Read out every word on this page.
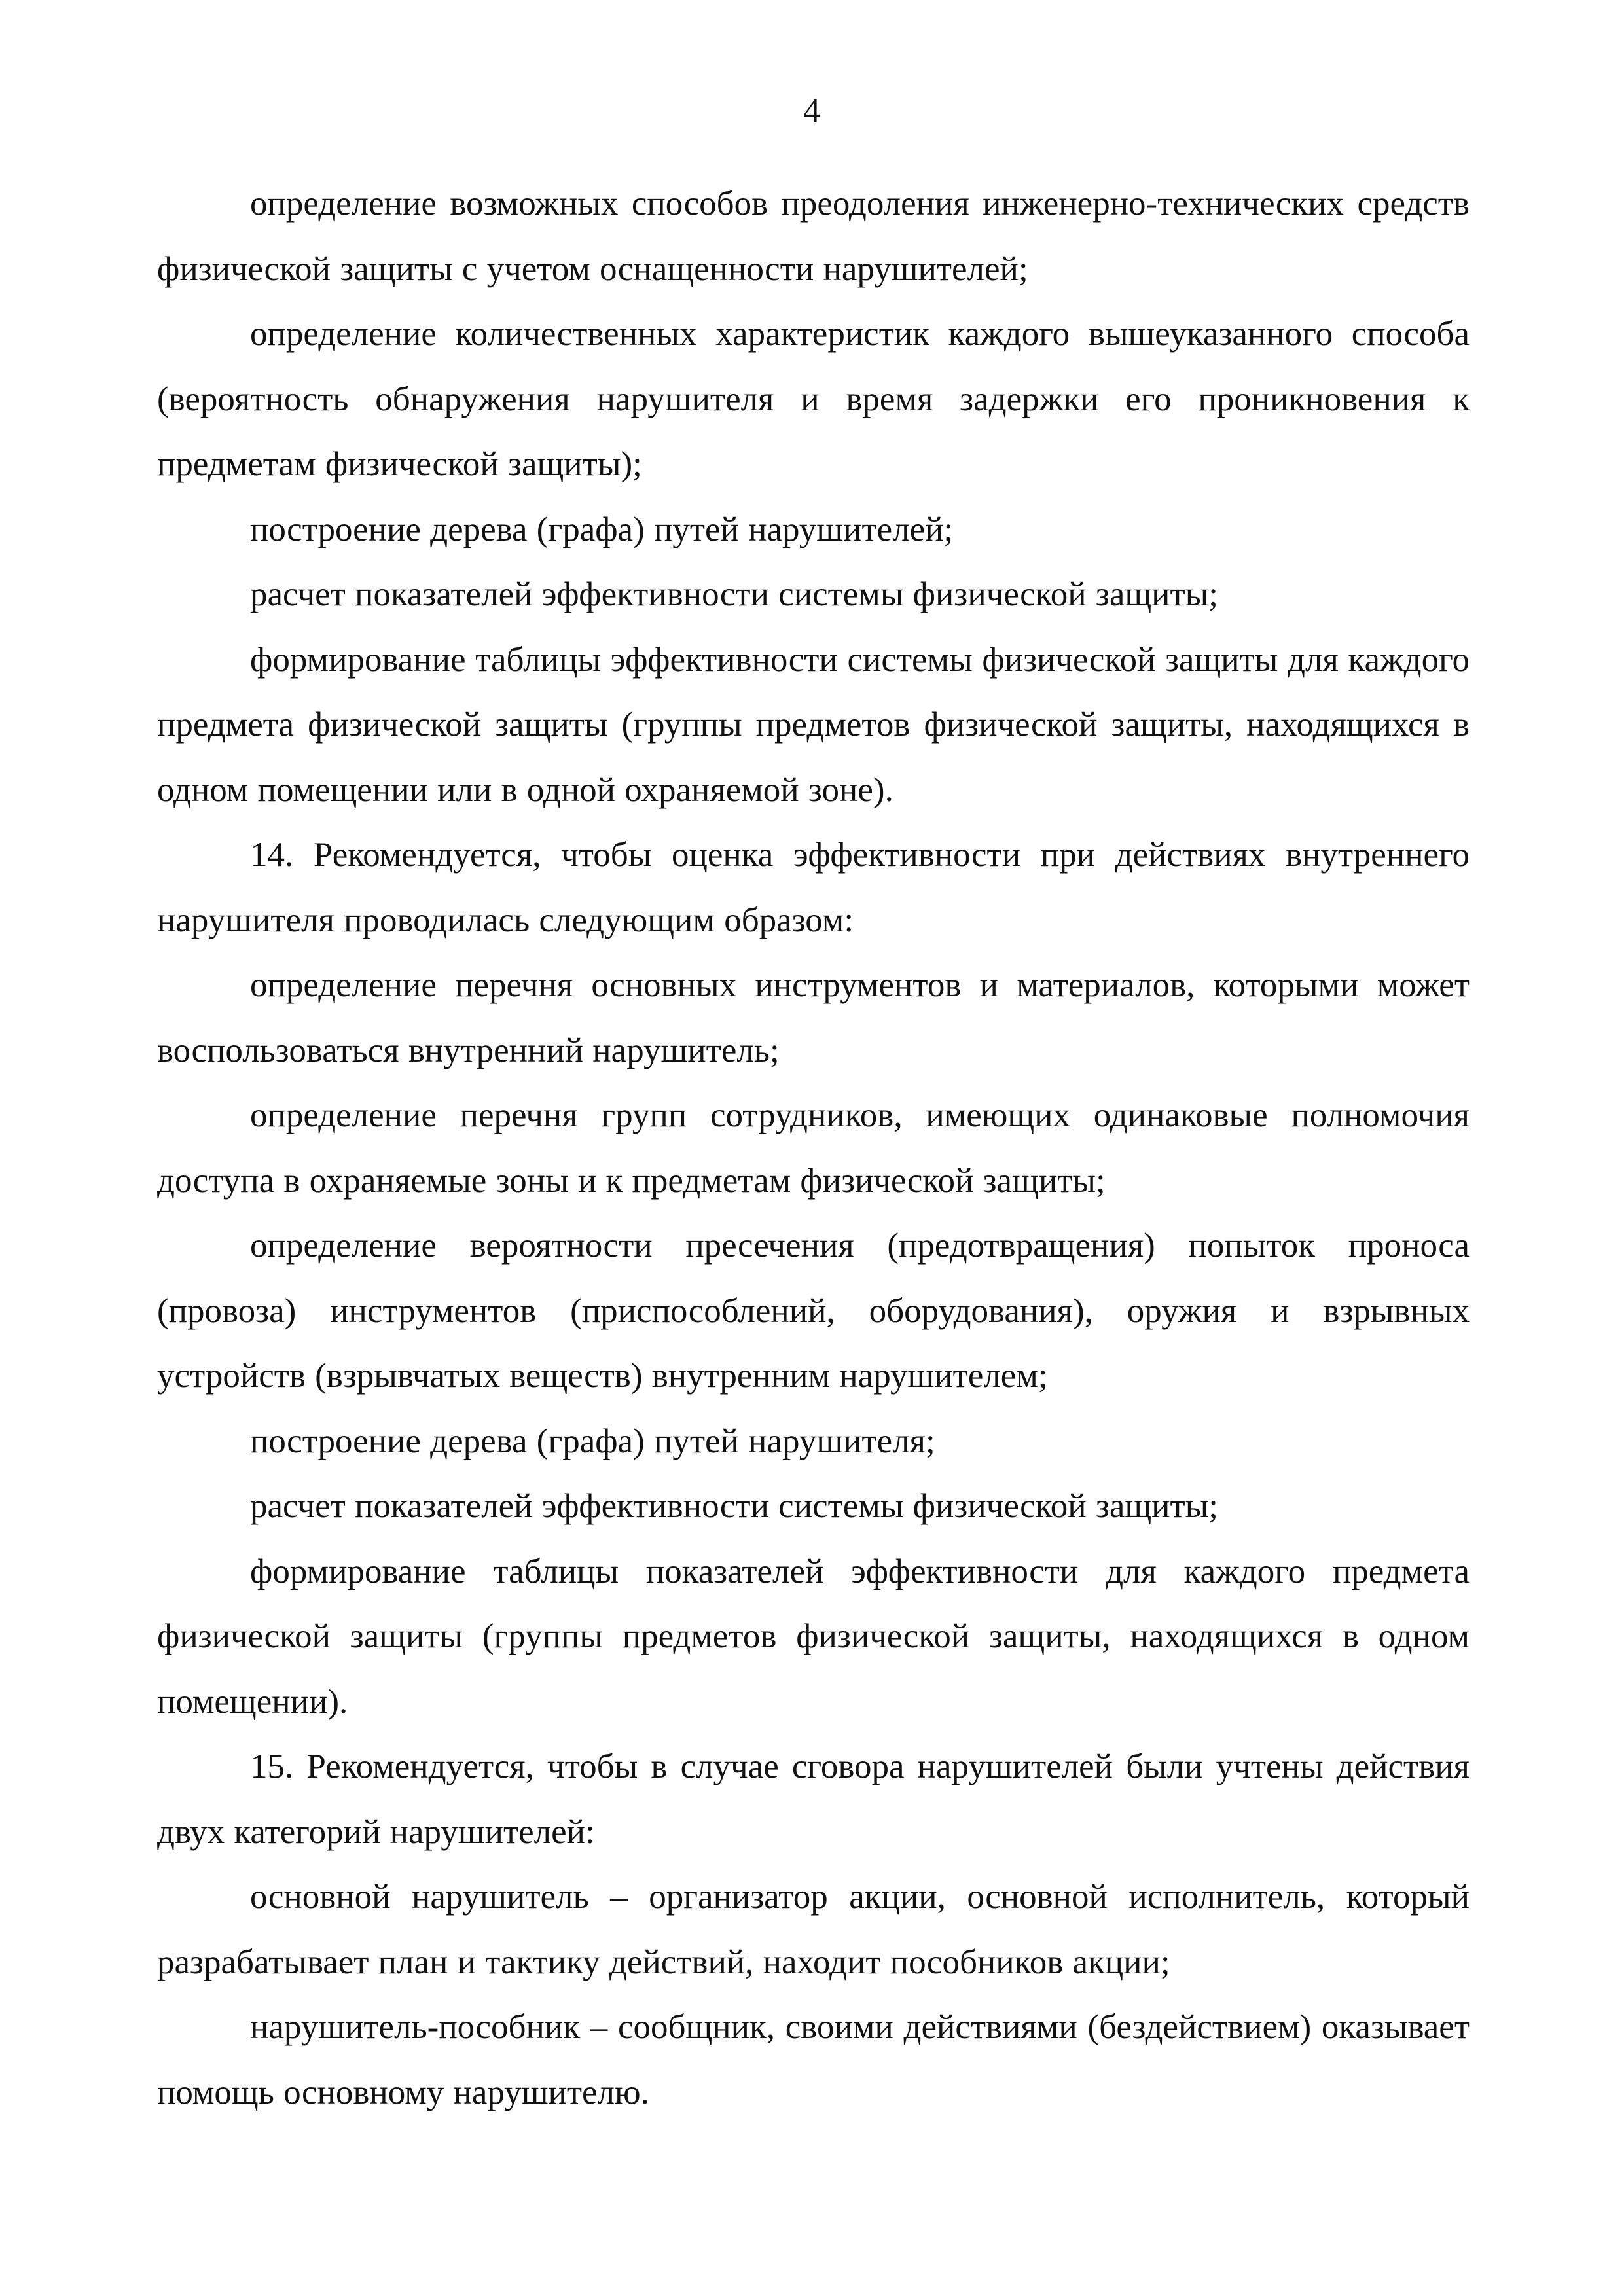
4

определение возможных способов преодоления инженерно-технических средств физической защиты с учетом оснащенности нарушителей;

определение количественных характеристик каждого вышеуказанного способа (вероятность обнаружения нарушителя и время задержки его проникновения к предметам физической защиты);

построение дерева (графа) путей нарушителей;

расчет показателей эффективности системы физической защиты;

формирование таблицы эффективности системы физической защиты для каждого предмета физической защиты (группы предметов физической защиты, находящихся в одном помещении или в одной охраняемой зоне).

14. Рекомендуется, чтобы оценка эффективности при действиях внутреннего нарушителя проводилась следующим образом:

определение перечня основных инструментов и материалов, которыми может воспользоваться внутренний нарушитель;

определение перечня групп сотрудников, имеющих одинаковые полномочия доступа в охраняемые зоны и к предметам физической защиты;

определение вероятности пресечения (предотвращения) попыток проноса (провоза) инструментов (приспособлений, оборудования), оружия и взрывных устройств (взрывчатых веществ) внутренним нарушителем;

построение дерева (графа) путей нарушителя;

расчет показателей эффективности системы физической защиты;

формирование таблицы показателей эффективности для каждого предмета физической защиты (группы предметов физической защиты, находящихся в одном помещении).

15. Рекомендуется, чтобы в случае сговора нарушителей были учтены действия двух категорий нарушителей:

основной нарушитель – организатор акции, основной исполнитель, который разрабатывает план и тактику действий, находит пособников акции;

нарушитель-пособник – сообщник, своими действиями (бездействием) оказывает помощь основному нарушителю.
